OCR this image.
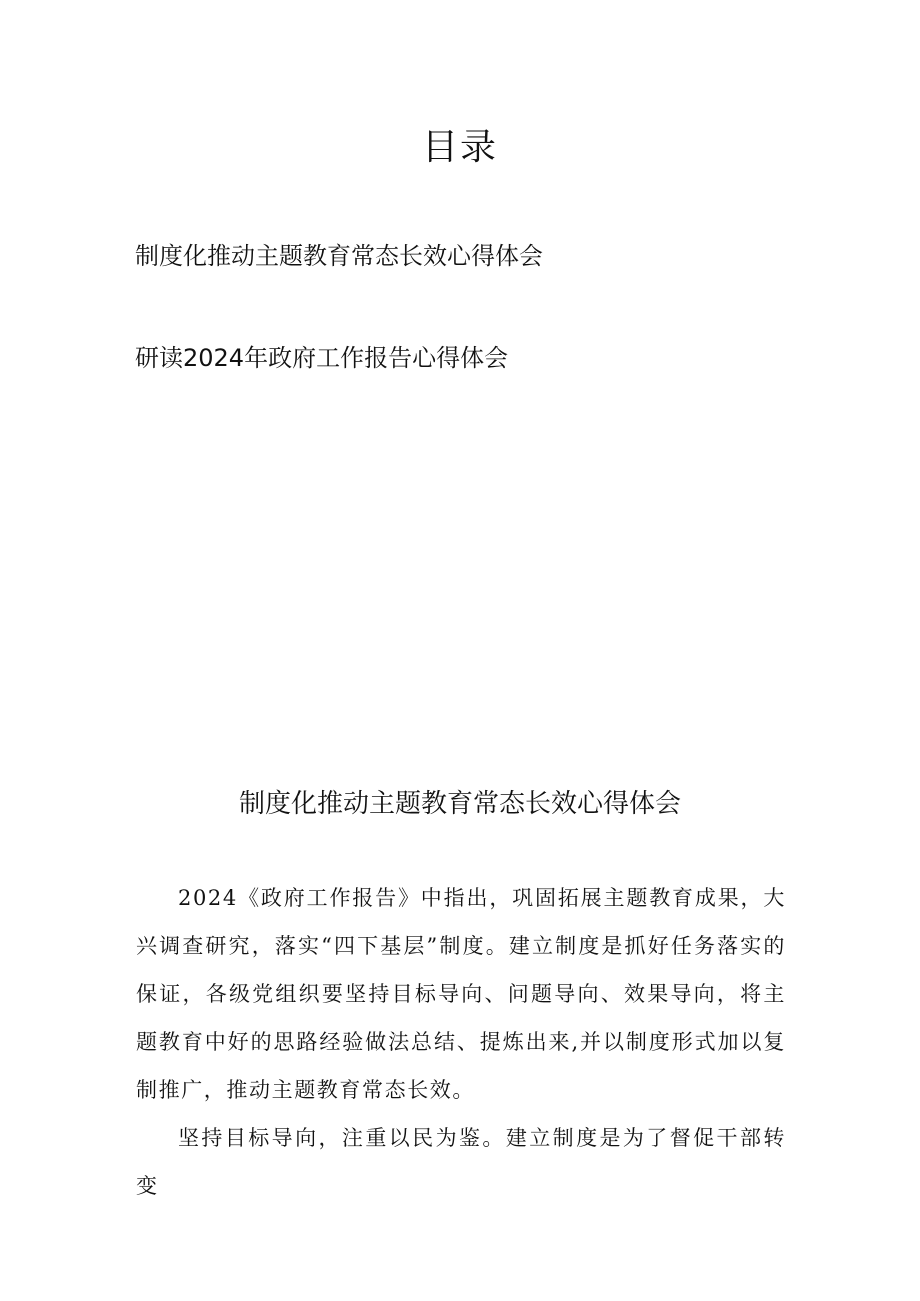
目录

制度化推动主题教育常态长效心得体会

研读2024年政府工作报告心得体会

制度化推动主题教育常态长效心得体会

2024《政府工作报告》中指出，巩固拓展主题教育成果，大兴调查研究，落实“四下基层”制度。建立制度是抓好任务落实的保证，各级党组织要坚持目标导向、问题导向、效果导向，将主题教育中好的思路经验做法总结、提炼出来,并以制度形式加以复制推广，推动主题教育常态长效。

坚持目标导向，注重以民为鉴。建立制度是为了督促干部转变
